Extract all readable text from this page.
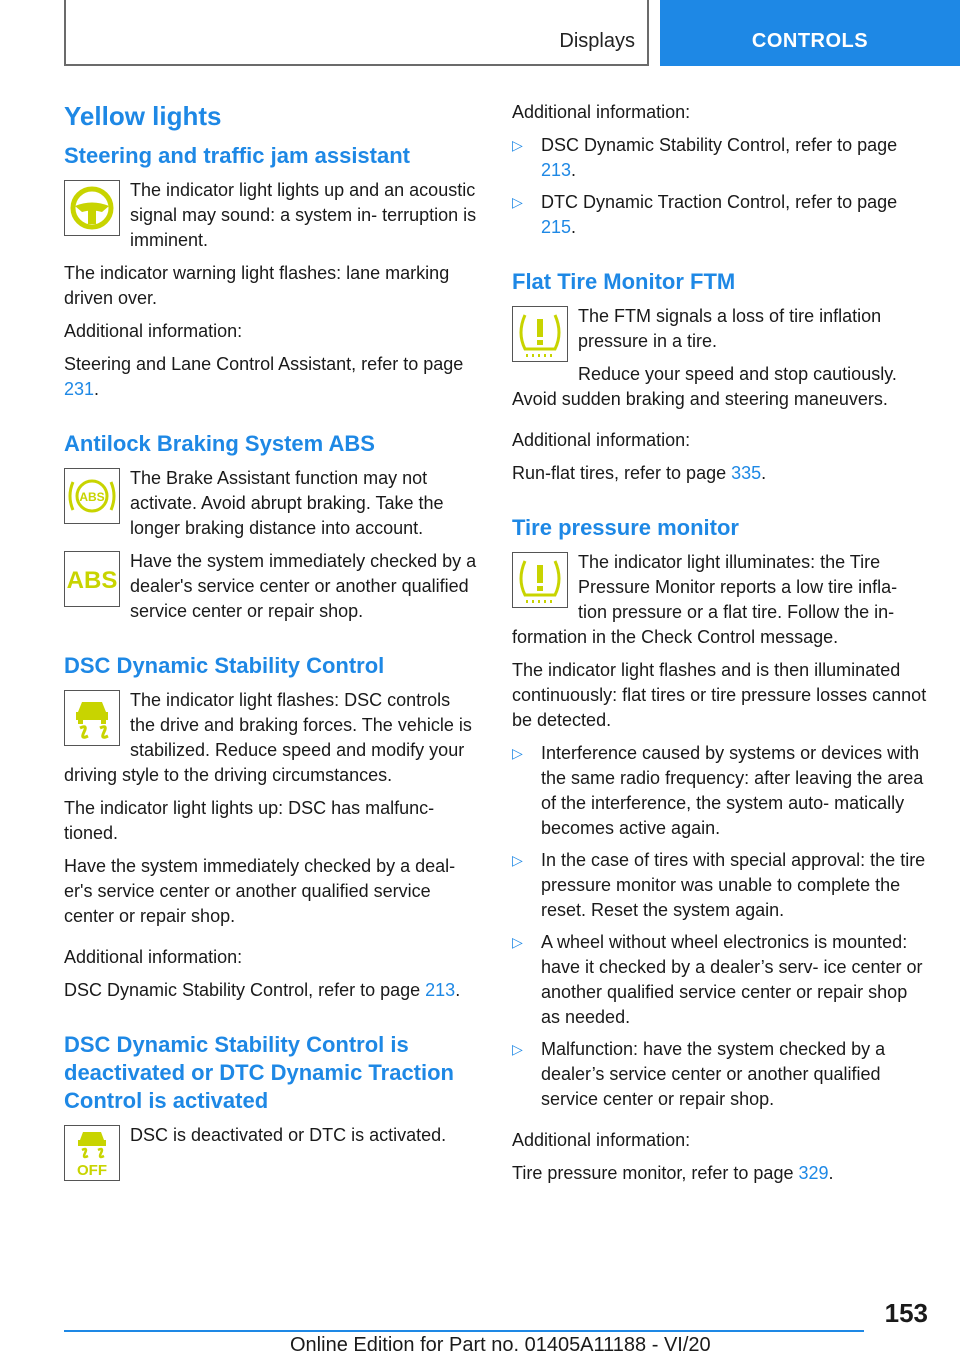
Displays	CONTROLS
Yellow lights
Steering and traffic jam assistant

The indicator light lights up and an acoustic signal may sound: a system in- terruption is imminent.

The indicator warning light flashes: lane marking driven over.

Additional information:

Steering and Lane Control Assistant, refer to page 231.

Antilock Braking System ABS
ABS

The Brake Assistant function may not activate. Avoid abrupt braking. Take the longer braking distance into account.

ABS

Have the system immediately checked by a dealer's service center or another qualified service center or repair shop.

DSC Dynamic Stability Control

The indicator light flashes: DSC controls the drive and braking forces. The vehicle is stabilized. Reduce speed and modify your driving style to the driving circumstances.

The indicator light lights up: DSC has malfunc- tioned.

Have the system immediately checked by a deal- er's service center or another qualified service center or repair shop.

Additional information:

DSC Dynamic Stability Control, refer to page 213.

DSC Dynamic Stability Control is deactivated or DTC Dynamic Traction Control is activated
OFF

DSC is deactivated or DTC is activated.

Additional information:

▷ DSC Dynamic Stability Control, refer to page 213.
▷ DTC Dynamic Traction Control, refer to page 215.
Flat Tire Monitor FTM

The FTM signals a loss of tire inflation pressure in a tire.

Reduce your speed and stop cautiously. Avoid sudden braking and steering maneuvers.

Additional information:

Run-flat tires, refer to page 335.

Tire pressure monitor

The indicator light illuminates: the Tire Pressure Monitor reports a low tire infla- tion pressure or a flat tire. Follow the in- formation in the Check Control message.

The indicator light flashes and is then illuminated continuously: flat tires or tire pressure losses cannot be detected.

▷ Interference caused by systems or devices with the same radio frequency: after leaving the area of the interference, the system auto- matically becomes active again.
▷ In the case of tires with special approval: the tire pressure monitor was unable to complete the reset. Reset the system again.
▷ A wheel without wheel electronics is mounted: have it checked by a dealer’s serv- ice center or another qualified service center or repair shop as needed.
▷ Malfunction: have the system checked by a dealer’s service center or another qualified service center or repair shop.

Additional information:

Tire pressure monitor, refer to page 329.

153
Online Edition for Part no. 01405A11188 - VI/20
